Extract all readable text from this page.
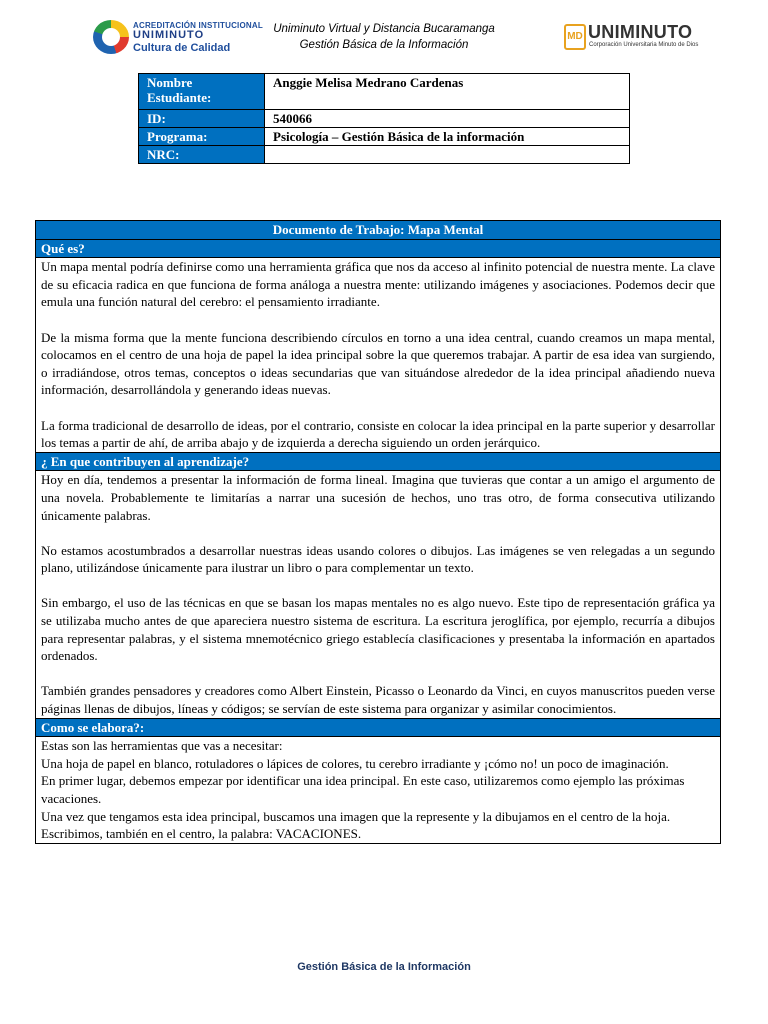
ACREDITACIÓN INSTITUCIONAL
UNIMINUTO
Cultura de Calidad
Uniminuto Virtual y Distancia Bucaramanga
Gestión Básica de la Información
MD UNIMINUTO
Corporación Universitaria Minuto de Dios
Nombre Estudiante:	Anggie Melisa Medrano Cardenas
ID:	540066
Programa:	Psicología – Gestión Básica de la información
NRC:	
Documento de Trabajo: Mapa Mental
Qué es?

Un mapa mental podría definirse como una herramienta gráfica que nos da acceso al infinito potencial de nuestra mente. La clave de su eficacia radica en que funciona de forma análoga a nuestra mente: utilizando imágenes y asociaciones. Podemos decir que emula una función natural del cerebro: el pensamiento irradiante.

De la misma forma que la mente funciona describiendo círculos en torno a una idea central, cuando creamos un mapa mental, colocamos en el centro de una hoja de papel la idea principal sobre la que queremos trabajar. A partir de esa idea van surgiendo, o irradiándose, otros temas, conceptos o ideas secundarias que van situándose alrededor de la idea principal añadiendo nueva información, desarrollándola y generando ideas nuevas.

La forma tradicional de desarrollo de ideas, por el contrario, consiste en colocar la idea principal en la parte superior y desarrollar los temas a partir de ahí, de arriba abajo y de izquierda a derecha siguiendo un orden jerárquico.

¿ En que contribuyen al aprendizaje?

Hoy en día, tendemos a presentar la información de forma lineal. Imagina que tuvieras que contar a un amigo el argumento de una novela. Probablemente te limitarías a narrar una sucesión de hechos, uno tras otro, de forma consecutiva utilizando únicamente palabras.

No estamos acostumbrados a desarrollar nuestras ideas usando colores o dibujos. Las imágenes se ven relegadas a un segundo plano, utilizándose únicamente para ilustrar un libro o para complementar un texto.

Sin embargo, el uso de las técnicas en que se basan los mapas mentales no es algo nuevo. Este tipo de representación gráfica ya se utilizaba mucho antes de que apareciera nuestro sistema de escritura. La escritura jeroglífica, por ejemplo, recurría a dibujos para representar palabras, y el sistema mnemotécnico griego establecía clasificaciones y presentaba la información en apartados ordenados.

También grandes pensadores y creadores como Albert Einstein, Picasso o Leonardo da Vinci, en cuyos manuscritos pueden verse páginas llenas de dibujos, líneas y códigos; se servían de este sistema para organizar y asimilar conocimientos.

Como se elabora?:

Estas son las herramientas que vas a necesitar:

Una hoja de papel en blanco, rotuladores o lápices de colores, tu cerebro irradiante y ¡cómo no! un poco de imaginación.

En primer lugar, debemos empezar por identificar una idea principal. En este caso, utilizaremos como ejemplo las próximas vacaciones.

Una vez que tengamos esta idea principal, buscamos una imagen que la represente y la dibujamos en el centro de la hoja. Escribimos, también en el centro, la palabra: VACACIONES.

Gestión Básica de la Información
